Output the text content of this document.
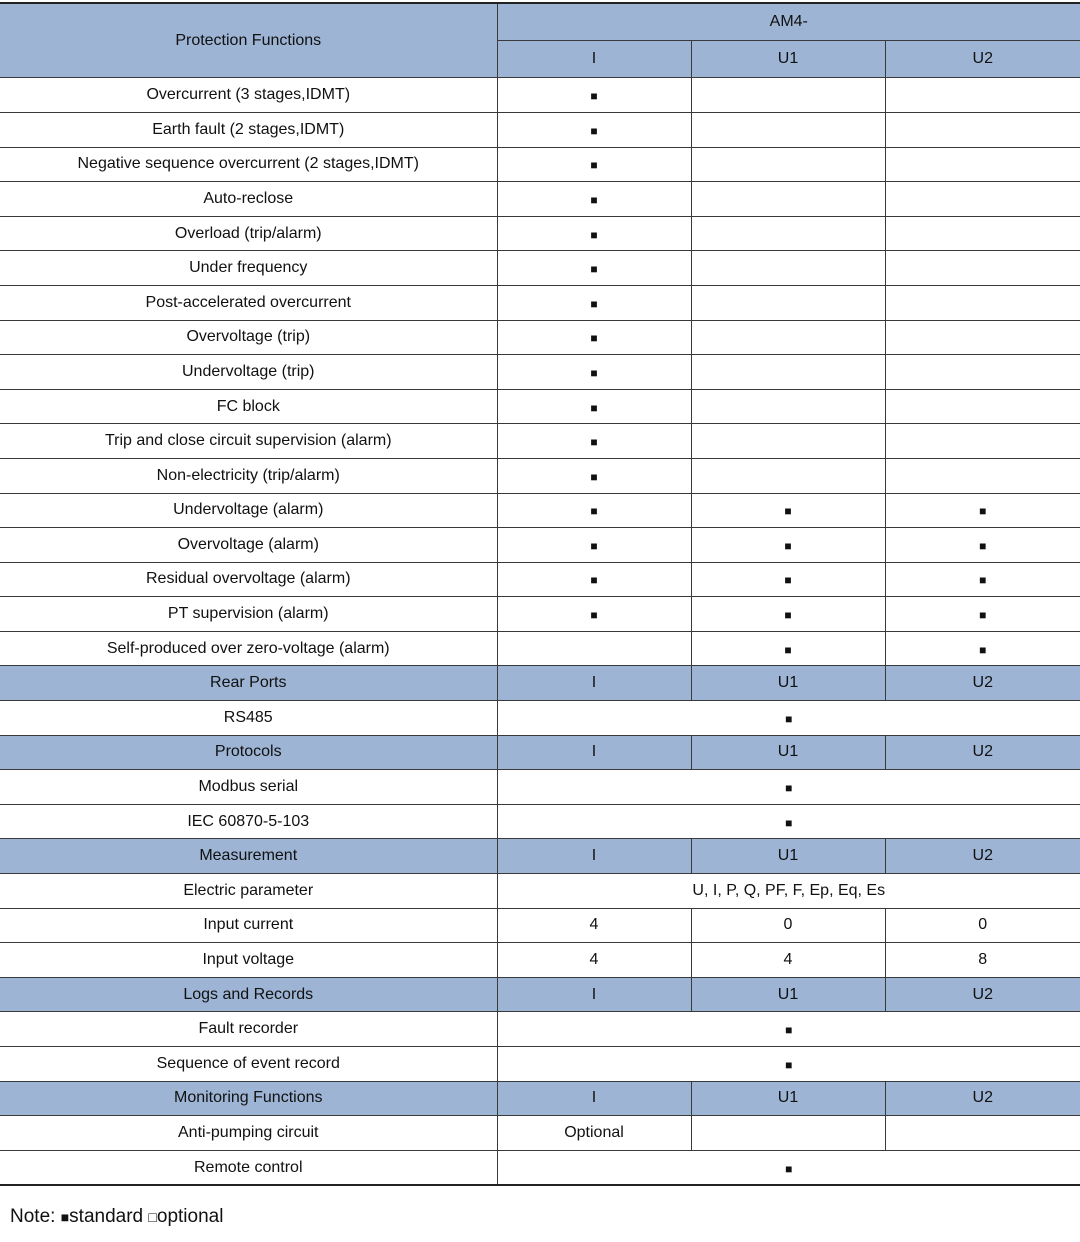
Protection Functions	AM4-		
	I	U1	U2
Overcurrent (3 stages,IDMT)	■		
Earth fault (2 stages,IDMT)	■		
Negative sequence overcurrent (2 stages,IDMT)	■		
Auto-reclose	■		
Overload (trip/alarm)	■		
Under frequency	■		
Post-accelerated overcurrent	■		
Overvoltage (trip)	■		
Undervoltage (trip)	■		
FC block	■		
Trip and close circuit supervision (alarm)	■		
Non-electricity (trip/alarm)	■		
Undervoltage (alarm)	■	■	■
Overvoltage (alarm)	■	■	■
Residual overvoltage (alarm)	■	■	■
PT supervision (alarm)	■	■	■
Self-produced over zero-voltage (alarm)		■	■
Rear Ports	I	U1	U2
RS485	■		
Protocols	I	U1	U2
Modbus serial	■		
IEC 60870-5-103	■		
Measurement	I	U1	U2
Electric parameter	U, I, P, Q, PF, F, Ep, Eq, Es		
Input current	4	0	0
Input voltage	4	4	8
Logs and Records	I	U1	U2
Fault recorder	■		
Sequence of event record	■		
Monitoring Functions	I	U1	U2
Anti-pumping circuit	Optional		
Remote control	■		
Note: ■standard □optional
